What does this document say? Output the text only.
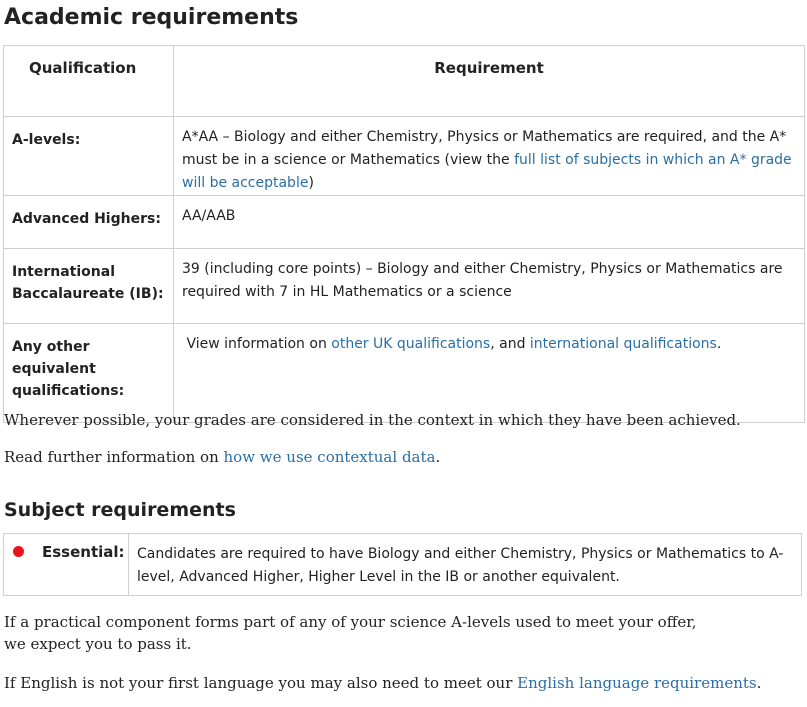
Academic requirements
Qualification	Requirement
A-levels:	A*AA – Biology and either Chemistry, Physics or Mathematics are required, and the A* must be in a science or Mathematics (view the full list of subjects in which an A* grade will be acceptable)
Advanced Highers:	AA/AAB
International Baccalaureate (IB):	39 (including core points) – Biology and either Chemistry, Physics or Mathematics are required with 7 in HL Mathematics or a science
Any other equivalent qualifications:	View information on other UK qualifications, and international qualifications.

Wherever possible, your grades are considered in the context in which they have been achieved.

Read further information on how we use contextual data.

Subject requirements
Essential: Candidates are required to have Biology and either Chemistry, Physics or Mathematics to A-level, Advanced Higher, Higher Level in the IB or another equivalent.

If a practical component forms part of any of your science A-levels used to meet your offer, we expect you to pass it.

If English is not your first language you may also need to meet our English language requirements.
